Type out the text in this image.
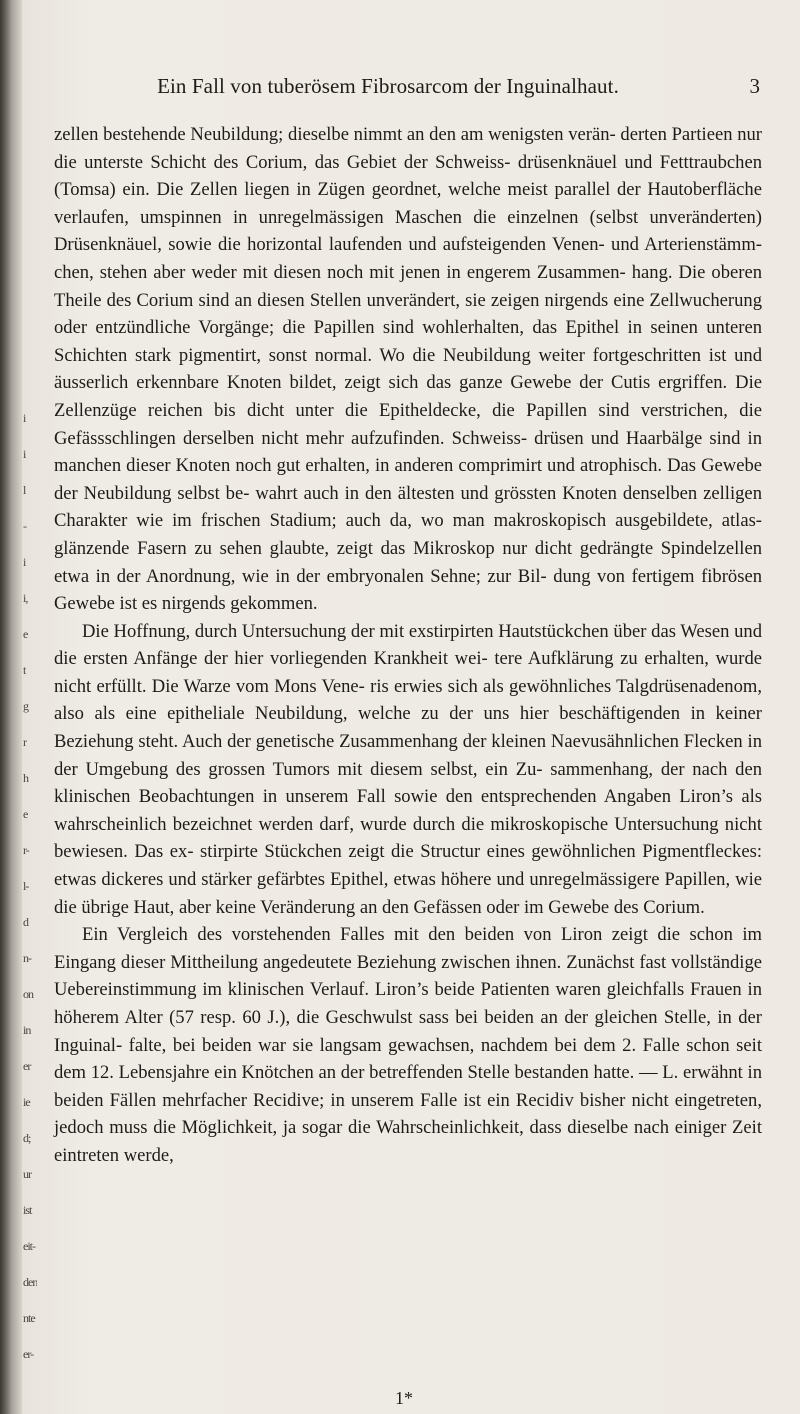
i
i
l
-
i
i,
e
t
g
r
h
e
r-
l-
d
n-
on
in
er
ie
d;
ur
ist
eit-
den
nte
er-
Ein Fall von tuberösem Fibrosarcom der Inguinalhaut.	3

zellen bestehende Neubildung; dieselbe nimmt an den am wenigsten verän- derten Partieen nur die unterste Schicht des Corium, das Gebiet der Schweiss- drüsenknäuel und Fetttraubchen (Tomsa) ein. Die Zellen liegen in Zügen geordnet, welche meist parallel der Hautoberfläche verlaufen, umspinnen in unregelmässigen Maschen die einzelnen (selbst unveränderten) Drüsenknäuel, sowie die horizontal laufenden und aufsteigenden Venen- und Arterienstämm- chen, stehen aber weder mit diesen noch mit jenen in engerem Zusammen- hang. Die oberen Theile des Corium sind an diesen Stellen unverändert, sie zeigen nirgends eine Zellwucherung oder entzündliche Vorgänge; die Papillen sind wohlerhalten, das Epithel in seinen unteren Schichten stark pigmentirt, sonst normal. Wo die Neubildung weiter fortgeschritten ist und äusserlich erkennbare Knoten bildet, zeigt sich das ganze Gewebe der Cutis ergriffen. Die Zellenzüge reichen bis dicht unter die Epitheldecke, die Papillen sind verstrichen, die Gefässschlingen derselben nicht mehr aufzufinden. Schweiss- drüsen und Haarbälge sind in manchen dieser Knoten noch gut erhalten, in anderen comprimirt und atrophisch. Das Gewebe der Neubildung selbst be- wahrt auch in den ältesten und grössten Knoten denselben zelligen Charakter wie im frischen Stadium; auch da, wo man makroskopisch ausgebildete, atlas- glänzende Fasern zu sehen glaubte, zeigt das Mikroskop nur dicht gedrängte Spindelzellen etwa in der Anordnung, wie in der embryonalen Sehne; zur Bil- dung von fertigem fibrösen Gewebe ist es nirgends gekommen.

Die Hoffnung, durch Untersuchung der mit exstirpirten Hautstückchen über das Wesen und die ersten Anfänge der hier vorliegenden Krankheit wei- tere Aufklärung zu erhalten, wurde nicht erfüllt. Die Warze vom Mons Vene- ris erwies sich als gewöhnliches Talgdrüsenadenom, also als eine epitheliale Neubildung, welche zu der uns hier beschäftigenden in keiner Beziehung steht. Auch der genetische Zusammenhang der kleinen Naevusähnlichen Flecken in der Umgebung des grossen Tumors mit diesem selbst, ein Zu- sammenhang, der nach den klinischen Beobachtungen in unserem Fall sowie den entsprechenden Angaben Liron’s als wahrscheinlich bezeichnet werden darf, wurde durch die mikroskopische Untersuchung nicht bewiesen. Das ex- stirpirte Stückchen zeigt die Structur eines gewöhnlichen Pigmentfleckes: etwas dickeres und stärker gefärbtes Epithel, etwas höhere und unregelmässigere Papillen, wie die übrige Haut, aber keine Veränderung an den Gefässen oder im Gewebe des Corium.

Ein Vergleich des vorstehenden Falles mit den beiden von Liron zeigt die schon im Eingang dieser Mittheilung angedeutete Beziehung zwischen ihnen. Zunächst fast vollständige Uebereinstimmung im klinischen Verlauf. Liron’s beide Patienten waren gleichfalls Frauen in höherem Alter (57 resp. 60 J.), die Geschwulst sass bei beiden an der gleichen Stelle, in der Inguinal- falte, bei beiden war sie langsam gewachsen, nachdem bei dem 2. Falle schon seit dem 12. Lebensjahre ein Knötchen an der betreffenden Stelle bestanden hatte. — L. erwähnt in beiden Fällen mehrfacher Recidive; in unserem Falle ist ein Recidiv bisher nicht eingetreten, jedoch muss die Möglichkeit, ja sogar die Wahrscheinlichkeit, dass dieselbe nach einiger Zeit eintreten werde,

1*
